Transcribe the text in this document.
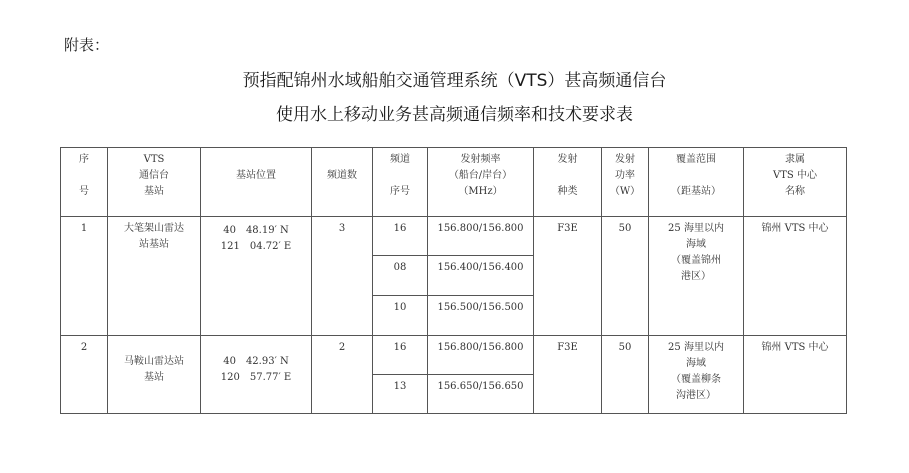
附表：
预指配锦州水域船舶交通管理系统（VTS）甚高频通信台
使用水上移动业务甚高频通信频率和技术要求表
序
号	VTS
通信台
基站	基站位置	频道数	频道
序号	发射频率
（船台/岸台）
（MHz）	发射
种类	发射
功率
（W）	覆盖范围
（距基站）	隶属
VTS 中心
名称

1	大笔架山雷达
站基站	40　48.19′ N
121　04.72′ E	3	16	156.800/156.800	F3E	50	25 海里以内
海域
（覆盖锦州
港区）	锦州 VTS 中心
				08	156.400/156.400				
				10	156.500/156.500				
2	马鞍山雷达站
基站	40　42.93′ N
120　57.77′ E	2	16	156.800/156.800	F3E	50	25 海里以内
海域
（覆盖柳条
沟港区）	锦州 VTS 中心
				13	156.650/156.650				
